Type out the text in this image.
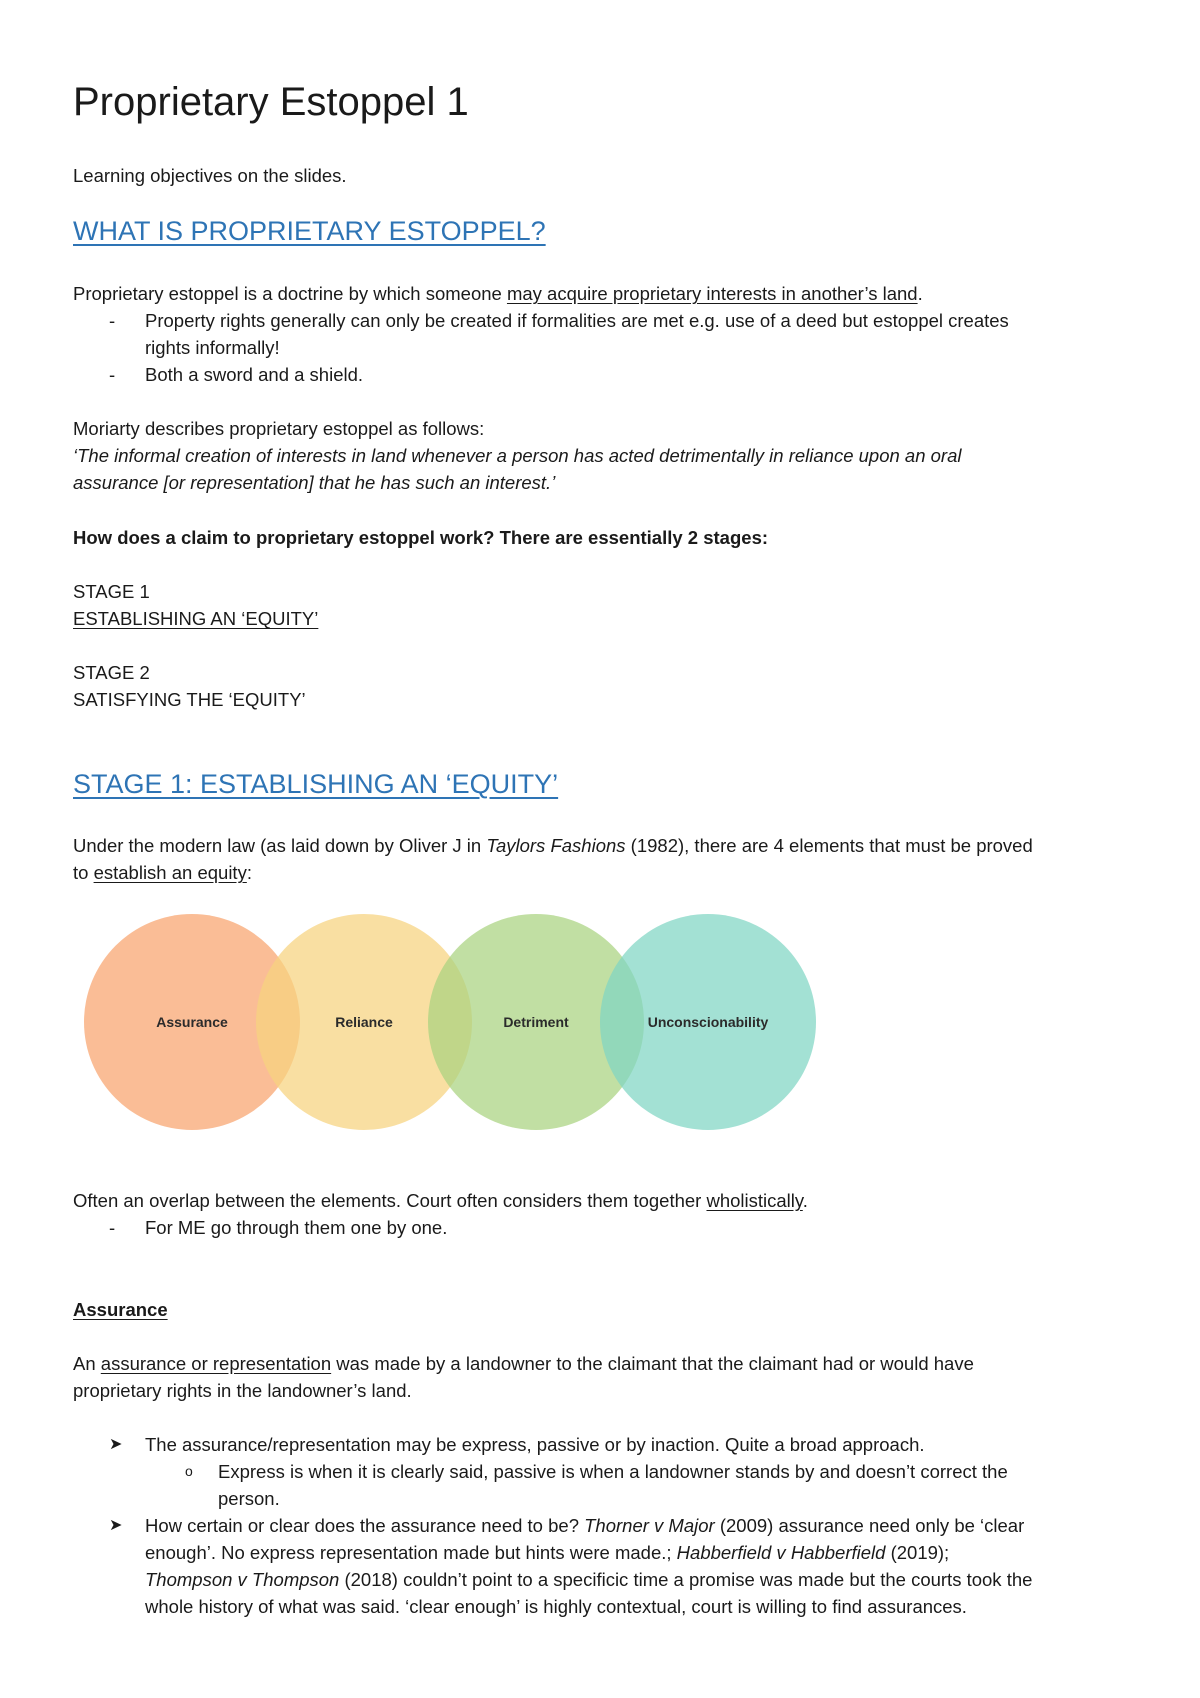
Proprietary Estoppel 1
Learning objectives on the slides.
WHAT IS PROPRIETARY ESTOPPEL?
Proprietary estoppel is a doctrine by which someone may acquire proprietary interests in another’s land.
- Property rights generally can only be created if formalities are met e.g. use of a deed but estoppel creates
rights informally!
- Both a sword and a shield.
Moriarty describes proprietary estoppel as follows:
‘The informal creation of interests in land whenever a person has acted detrimentally in reliance upon an oral
assurance [or representation] that he has such an interest.’
How does a claim to proprietary estoppel work? There are essentially 2 stages:
STAGE 1
ESTABLISHING AN ‘EQUITY’
STAGE 2
SATISFYING THE ‘EQUITY’
STAGE 1: ESTABLISHING AN ‘EQUITY’
Under the modern law (as laid down by Oliver J in Taylors Fashions (1982), there are 4 elements that must be proved
to establish an equity:
Assurance	Reliance	Detriment	Unconscionability
Often an overlap between the elements. Court often considers them together wholistically.
- For ME go through them one by one.
Assurance
An assurance or representation was made by a landowner to the claimant that the claimant had or would have
proprietary rights in the landowner’s land.
➤ The assurance/representation may be express, passive or by inaction. Quite a broad approach.
o Express is when it is clearly said, passive is when a landowner stands by and doesn’t correct the
person.
➤ How certain or clear does the assurance need to be? Thorner v Major (2009) assurance need only be ‘clear
enough’. No express representation made but hints were made.; Habberfield v Habberfield (2019);
Thompson v Thompson (2018) couldn’t point to a specificic time a promise was made but the courts took the
whole history of what was said. ‘clear enough’ is highly contextual, court is willing to find assurances.
